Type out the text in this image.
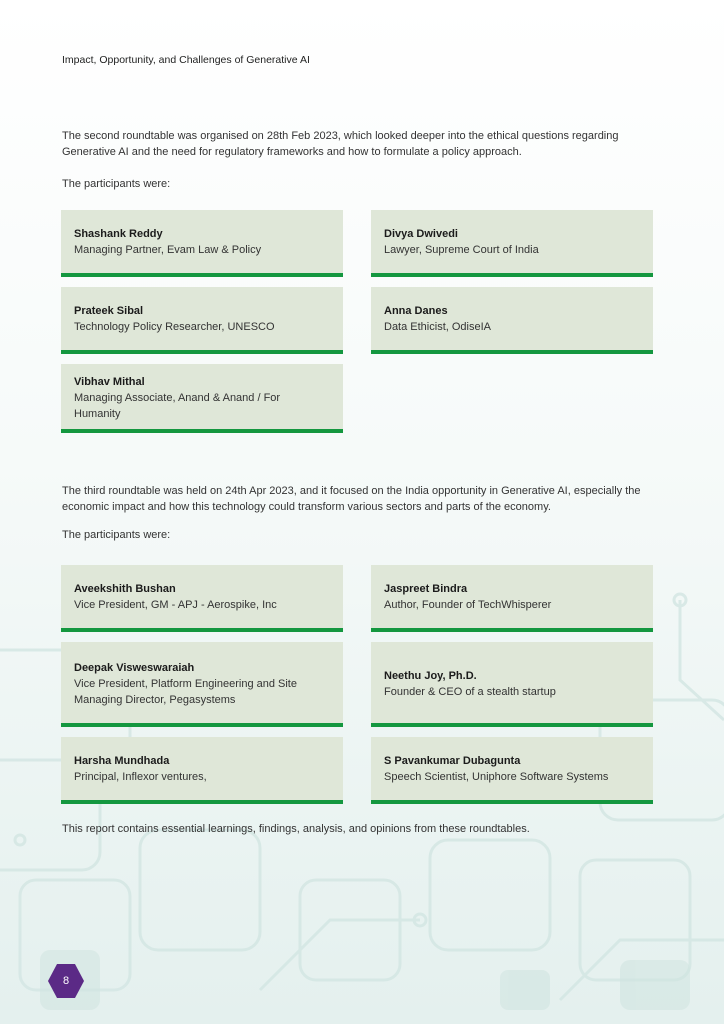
Impact, Opportunity, and Challenges of Generative AI

The second roundtable was organised on 28th Feb 2023, which looked deeper into the ethical questions regarding Generative AI and the need for regulatory frameworks and how to formulate a policy approach.

The participants were:

Shashank Reddy
Managing Partner, Evam Law & Policy
Divya Dwivedi
Lawyer, Supreme Court of India
Prateek Sibal
Technology Policy Researcher, UNESCO
Anna Danes
Data Ethicist, OdiseIA
Vibhav Mithal
Managing Associate, Anand & Anand / For Humanity

The third roundtable was held on 24th Apr 2023, and it focused on the India opportunity in Generative AI, especially the economic impact and how this technology could transform various sectors and parts of the economy.

The participants were:

Aveekshith Bushan
Vice President, GM - APJ - Aerospike, Inc
Jaspreet Bindra
Author, Founder of TechWhisperer
Deepak Visweswaraiah
Vice President, Platform Engineering and Site Managing Director, Pegasystems
Neethu Joy, Ph.D.
Founder & CEO of a stealth startup
Harsha Mundhada
Principal, Inflexor ventures,
S Pavankumar Dubagunta
Speech Scientist, Uniphore Software Systems

This report contains essential learnings, findings, analysis, and opinions from these roundtables.

8
